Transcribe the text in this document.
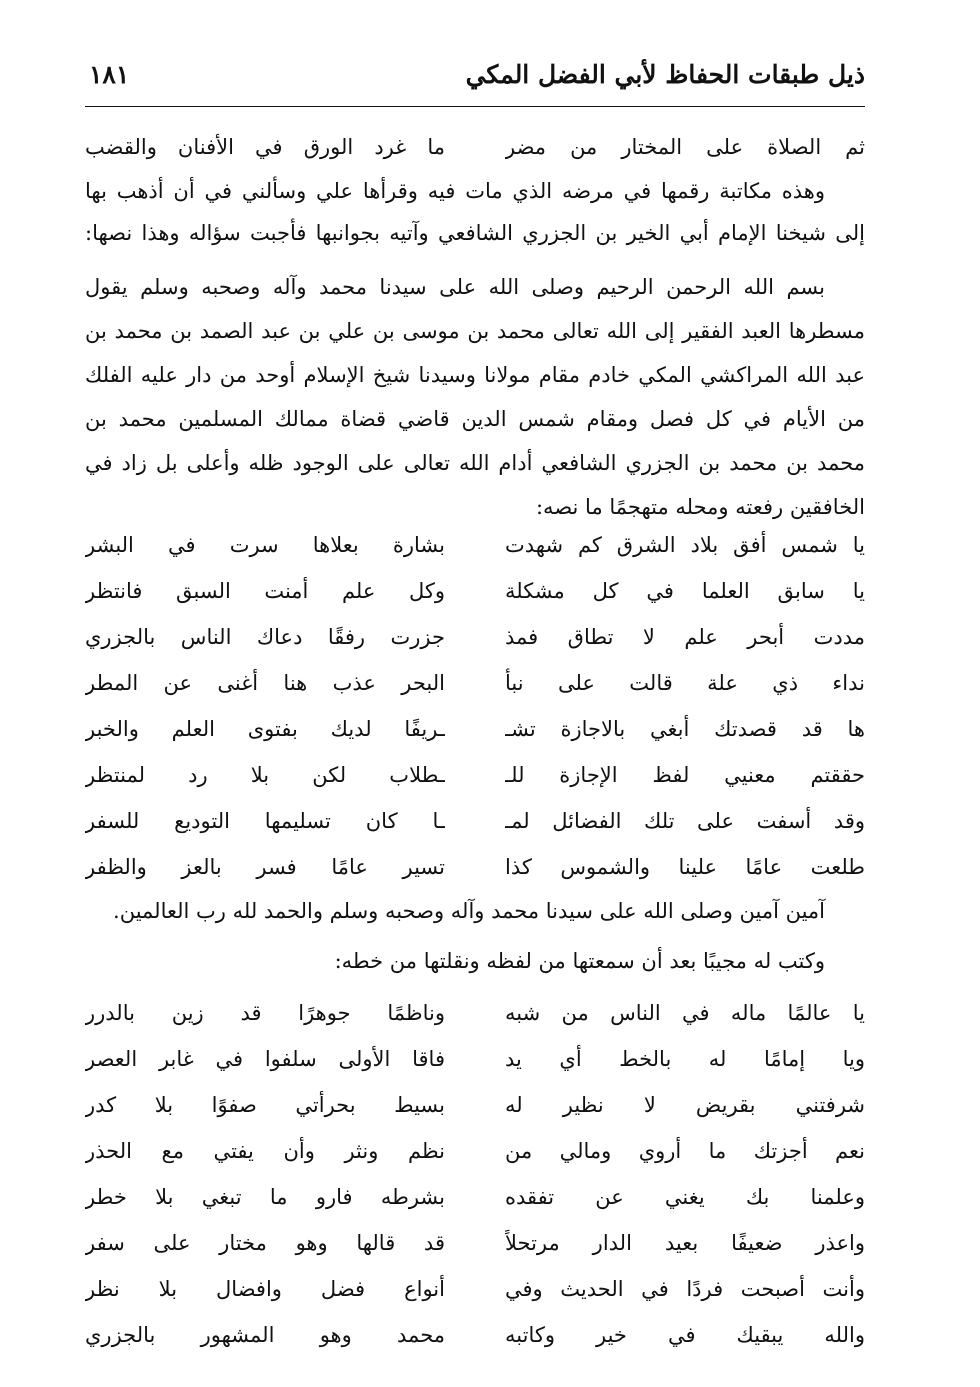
ذيل طبقات الحفاظ لأبي الفضل المكي
١٨١
ثم الصلاة على المختار من مضر
ما غرد الورق في الأفنان والقضب
وهذه مكاتبة رقمها في مرضه الذي مات فيه وقرأها علي وسألني في أن أذهب بها
إلى شيخنا الإمام أبي الخير بن الجزري الشافعي وآتيه بجوانبها فأجبت سؤاله وهذا نصها:
بسم الله الرحمن الرحيم وصلى الله على سيدنا محمد وآله وصحبه وسلم يقول
مسطرها العبد الفقير إلى الله تعالى محمد بن موسى بن علي بن عبد الصمد بن محمد بن
عبد الله المراكشي المكي خادم مقام مولانا وسيدنا شيخ الإسلام أوحد من دار عليه الفلك
من الأيام في كل فصل ومقام شمس الدين قاضي قضاة ممالك المسلمين محمد بن
محمد بن محمد بن الجزري الشافعي أدام الله تعالى على الوجود ظله وأعلى بل زاد في
الخافقين رفعته ومحله متهجمًا ما نصه:
يا شمس أفق بلاد الشرق كم شهدت
بشارة بعلاها سرت في البشر
يا سابق العلما في كل مشكلة
وكل علم أمنت السبق فانتظر
مددت أبحر علم لا تطاق فمذ
جزرت رفقًا دعاك الناس بالجزري
نداء ذي علة قالت على نبأ
البحر عذب هنا أغنى عن المطر
ها قد قصدتك أبغي بالاجازة تشـ
ـريفًا لديك بفتوى العلم والخبر
حققتم معنيي لفظ الإجازة للـ
ـطلاب لكن بلا رد لمنتظر
وقد أسفت على تلك الفضائل لمـ
ـا كان تسليمها التوديع للسفر
طلعت عامًا علينا والشموس كذا
تسير عامًا فسر بالعز والظفر
آمين آمين وصلى الله على سيدنا محمد وآله وصحبه وسلم والحمد لله رب العالمين.
وكتب له مجيبًا بعد أن سمعتها من لفظه ونقلتها من خطه:
يا عالمًا ماله في الناس من شبه
وناظمًا جوهرًا قد زين بالدرر
ويا إمامًا له بالخط أي يد
فاقا الأولى سلفوا في غابر العصر
شرفتني بقريض لا نظير له
بسيط بحرأتي صفوًا بلا كدر
نعم أجزتك ما أروي ومالي من
نظم ونثر وأن يفتي مع الحذر
وعلمنا بك يغني عن تفقده
بشرطه فارو ما تبغي بلا خطر
واعذر ضعيفًا بعيد الدار مرتحلاً
قد قالها وهو مختار على سفر
وأنت أصبحت فردًا في الحديث وفي
أنواع فضل وافضال بلا نظر
والله يبقيك في خير وكاتبه
محمد وهو المشهور بالجزري
